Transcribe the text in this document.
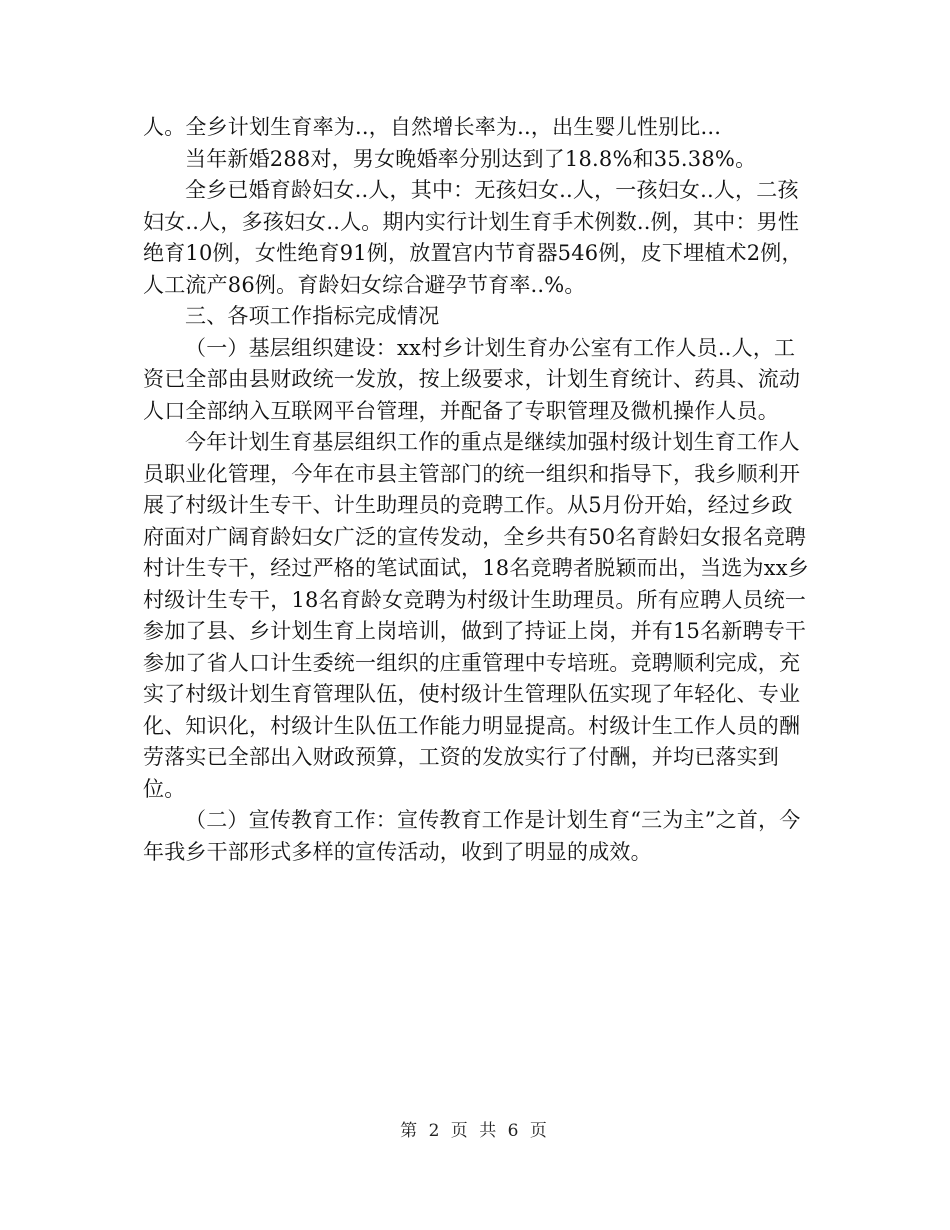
人。全乡计划生育率为..，自然增长率为..，出生婴儿性别比...

当年新婚288对，男女晚婚率分别达到了18.8%和35.38%。

全乡已婚育龄妇女..人，其中：无孩妇女..人，一孩妇女..人，二孩妇女..人，多孩妇女..人。期内实行计划生育手术例数..例，其中：男性绝育10例，女性绝育91例，放置宫内节育器546例，皮下埋植术2例，人工流产86例。育龄妇女综合避孕节育率..%。

三、各项工作指标完成情况

（一）基层组织建设：xx村乡计划生育办公室有工作人员..人，工资已全部由县财政统一发放，按上级要求，计划生育统计、药具、流动人口全部纳入互联网平台管理，并配备了专职管理及微机操作人员。

今年计划生育基层组织工作的重点是继续加强村级计划生育工作人员职业化管理，今年在市县主管部门的统一组织和指导下，我乡顺利开展了村级计生专干、计生助理员的竞聘工作。从5月份开始，经过乡政府面对广阔育龄妇女广泛的宣传发动，全乡共有50名育龄妇女报名竞聘村计生专干，经过严格的笔试面试，18名竞聘者脱颖而出，当选为xx乡村级计生专干，18名育龄女竞聘为村级计生助理员。所有应聘人员统一参加了县、乡计划生育上岗培训，做到了持证上岗，并有15名新聘专干参加了省人口计生委统一组织的庄重管理中专培班。竞聘顺利完成，充实了村级计划生育管理队伍，使村级计生管理队伍实现了年轻化、专业化、知识化，村级计生队伍工作能力明显提高。村级计生工作人员的酬劳落实已全部出入财政预算，工资的发放实行了付酬，并均已落实到位。

（二）宣传教育工作：宣传教育工作是计划生育“三为主”之首，今年我乡干部形式多样的宣传活动，收到了明显的成效。

第 2 页 共 6 页
